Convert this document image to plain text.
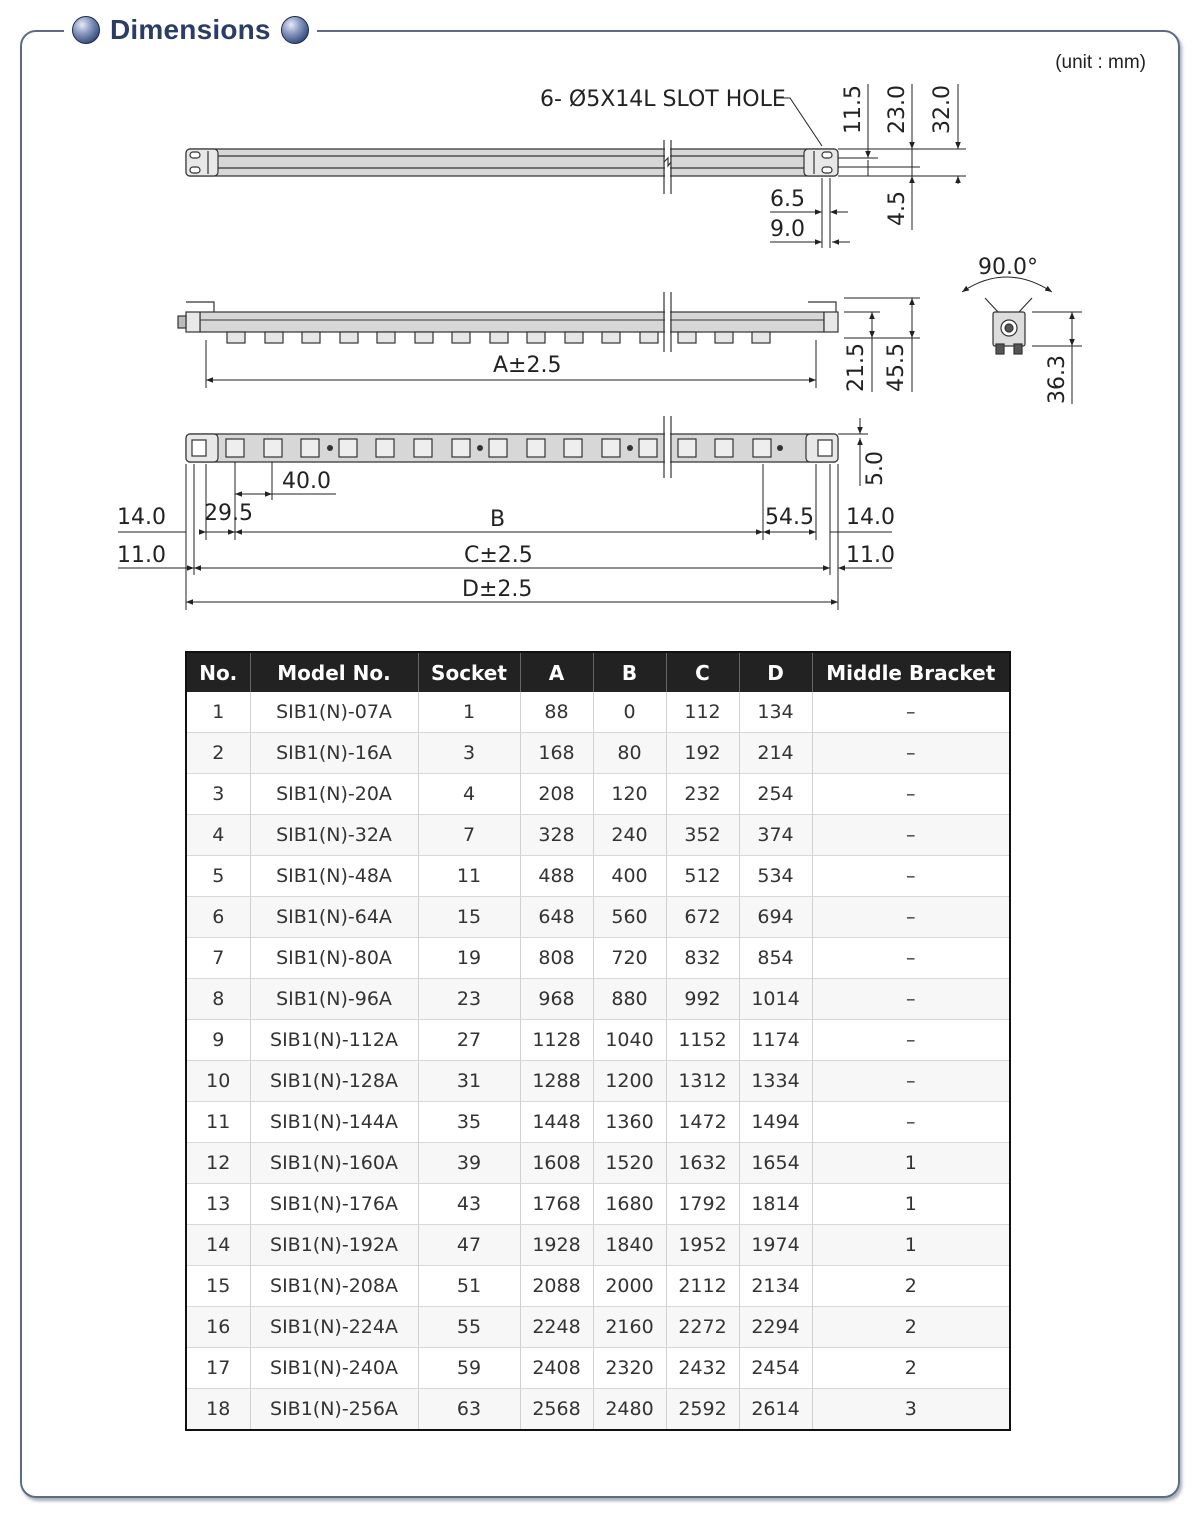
Dimensions
(unit : mm)
6- Ø5X14L SLOT HOLE	11.5 23.0 32.0
4.5
6.5
9.0
A±2.5	21.5 45.5
90.0°
36.3
5.0
40.0
29.5
14.0
11.0
B	54.5 14.0
11.0
C±2.5
D±2.5
No.	Model No.	Socket	A	B	C	D	Middle Bracket
1	SIB1(N)-07A	1	88	0	112	134	–
2	SIB1(N)-16A	3	168	80	192	214	–
3	SIB1(N)-20A	4	208	120	232	254	–
4	SIB1(N)-32A	7	328	240	352	374	–
5	SIB1(N)-48A	11	488	400	512	534	–
6	SIB1(N)-64A	15	648	560	672	694	–
7	SIB1(N)-80A	19	808	720	832	854	–
8	SIB1(N)-96A	23	968	880	992	1014	–
9	SIB1(N)-112A	27	1128	1040	1152	1174	–
10	SIB1(N)-128A	31	1288	1200	1312	1334	–
11	SIB1(N)-144A	35	1448	1360	1472	1494	–
12	SIB1(N)-160A	39	1608	1520	1632	1654	1
13	SIB1(N)-176A	43	1768	1680	1792	1814	1
14	SIB1(N)-192A	47	1928	1840	1952	1974	1
15	SIB1(N)-208A	51	2088	2000	2112	2134	2
16	SIB1(N)-224A	55	2248	2160	2272	2294	2
17	SIB1(N)-240A	59	2408	2320	2432	2454	2
18	SIB1(N)-256A	63	2568	2480	2592	2614	3
